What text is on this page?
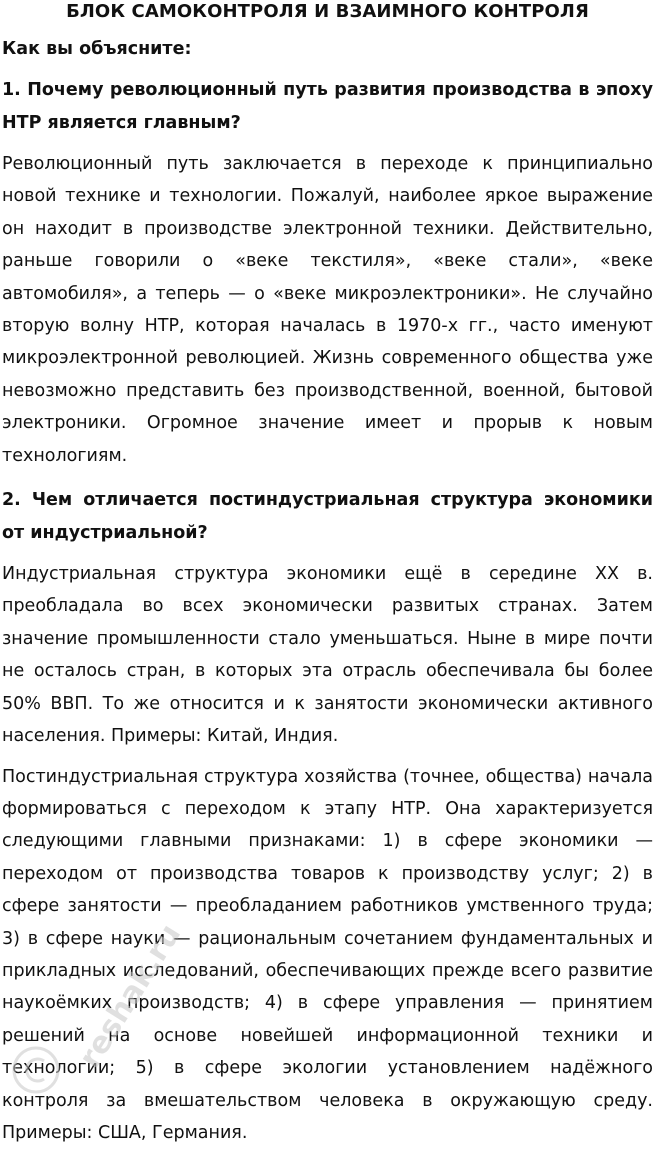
БЛОК САМОКОНТРОЛЯ И ВЗАИМНОГО КОНТРОЛЯ

Как вы объясните:

1. Почему революционный путь развития производства в эпоху НТР является главным?

Революционный путь заключается в переходе к принципиально новой технике и технологии. Пожалуй, наиболее яркое выражение он находит в производстве электронной техники. Действительно, раньше говорили о «веке текстиля», «веке стали», «веке автомобиля», а теперь — о «веке микроэлектроники». Не случайно вторую волну НТР, которая началась в 1970-х гг., часто именуют микроэлектронной революцией. Жизнь современного общества уже невозможно представить без производственной, военной, бытовой электроники. Огромное значение имеет и прорыв к новым технологиям.

2. Чем отличается постиндустриальная структура экономики от индустриальной?

Индустриальная структура экономики ещё в середине XX в. преобладала во всех экономически развитых странах. Затем значение промышленности стало уменьшаться. Ныне в мире почти не осталось стран, в которых эта отрасль обеспечивала бы более 50% ВВП. То же относится и к занятости экономически активного населения. Примеры: Китай, Индия.

Постиндустриальная структура хозяйства (точнее, общества) начала формироваться с переходом к этапу НТР. Она характеризуется следующими главными признаками: 1) в сфере экономики — переходом от производства товаров к производству услуг; 2) в сфере занятости — преобладанием работников умственного труда; 3) в сфере науки — рациональным сочетанием фундаментальных и прикладных исследований, обеспечивающих прежде всего развитие наукоёмких производств; 4) в сфере управления — принятием решений на основе новейшей информационной техники и технологии; 5) в сфере экологии установлением надёжного контроля за вмешательством человека в окружающую среду. Примеры: США, Германия.

reshak.ru
